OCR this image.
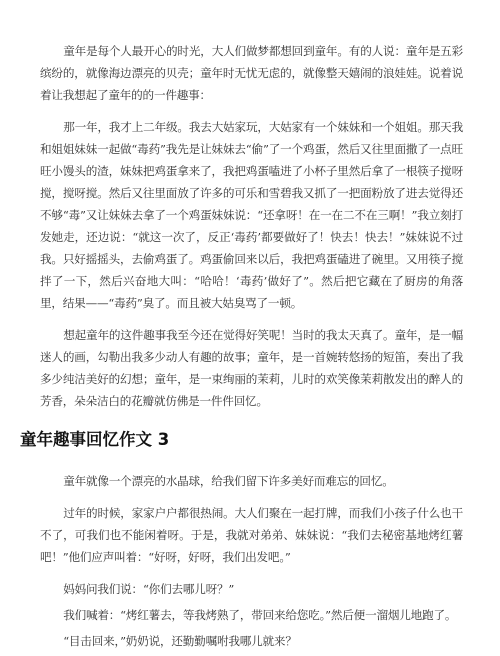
童年是每个人最开心的时光，大人们做梦都想回到童年。有的人说：童年是五彩缤纷的，就像海边漂亮的贝壳；童年时无忧无虑的，就像整天嬉闹的浪娃娃。说着说着让我想起了童年的的一件趣事：

那一年，我才上二年级。我去大姑家玩，大姑家有一个妹妹和一个姐姐。那天我和姐姐妹妹一起做“毒药”我先是让妹妹去“偷”了一个鸡蛋，然后又往里面撒了一点旺旺小馒头的渣，妹妹把鸡蛋拿来了，我把鸡蛋嗑进了小杯子里然后拿了一根筷子搅呀搅，搅呀搅。然后又往里面放了许多的可乐和雪碧我又抓了一把面粉放了进去觉得还不够“毒”又让妹妹去拿了一个鸡蛋妹妹说：“还拿呀！在一在二不在三啊！”我立刻打发她走，还边说：“就这一次了，反正‘毒药’都要做好了！快去！快去！”妹妹说不过我。只好摇摇头，去偷鸡蛋了。鸡蛋偷回来以后，我把鸡蛋磕进了碗里。又用筷子搅拌了一下，然后兴奋地大叫：“哈哈！‘毒药’做好了”。然后把它藏在了厨房的角落里，结果——“毒药”臭了。而且被大姑臭骂了一顿。

想起童年的这件趣事我至今还在觉得好笑呢！当时的我太天真了。童年，是一幅迷人的画，勾勒出我多少动人有趣的故事；童年，是一首婉转悠扬的短笛，奏出了我多少纯洁美好的幻想；童年，是一束绚丽的茉莉，儿时的欢笑像茉莉散发出的醉人的芳香，朵朵洁白的花瓣就仿佛是一件件回忆。

童年趣事回忆作文 3

童年就像一个漂亮的水晶球，给我们留下许多美好而难忘的回忆。

过年的时候，家家户户都很热闹。大人们聚在一起打牌，而我们小孩子什么也干不了，可我们也不能闲着呀。于是，我就对弟弟、妹妹说：“我们去秘密基地烤红薯吧！”他们应声叫着：“好呀，好呀，我们出发吧。”

妈妈问我们说：“你们去哪儿呀？”

我们喊着：“烤红薯去，等我烤熟了，带回来给您吃。”然后便一溜烟儿地跑了。

“目击回来，”奶奶说，还勤勤嘱咐我哪儿就来？
